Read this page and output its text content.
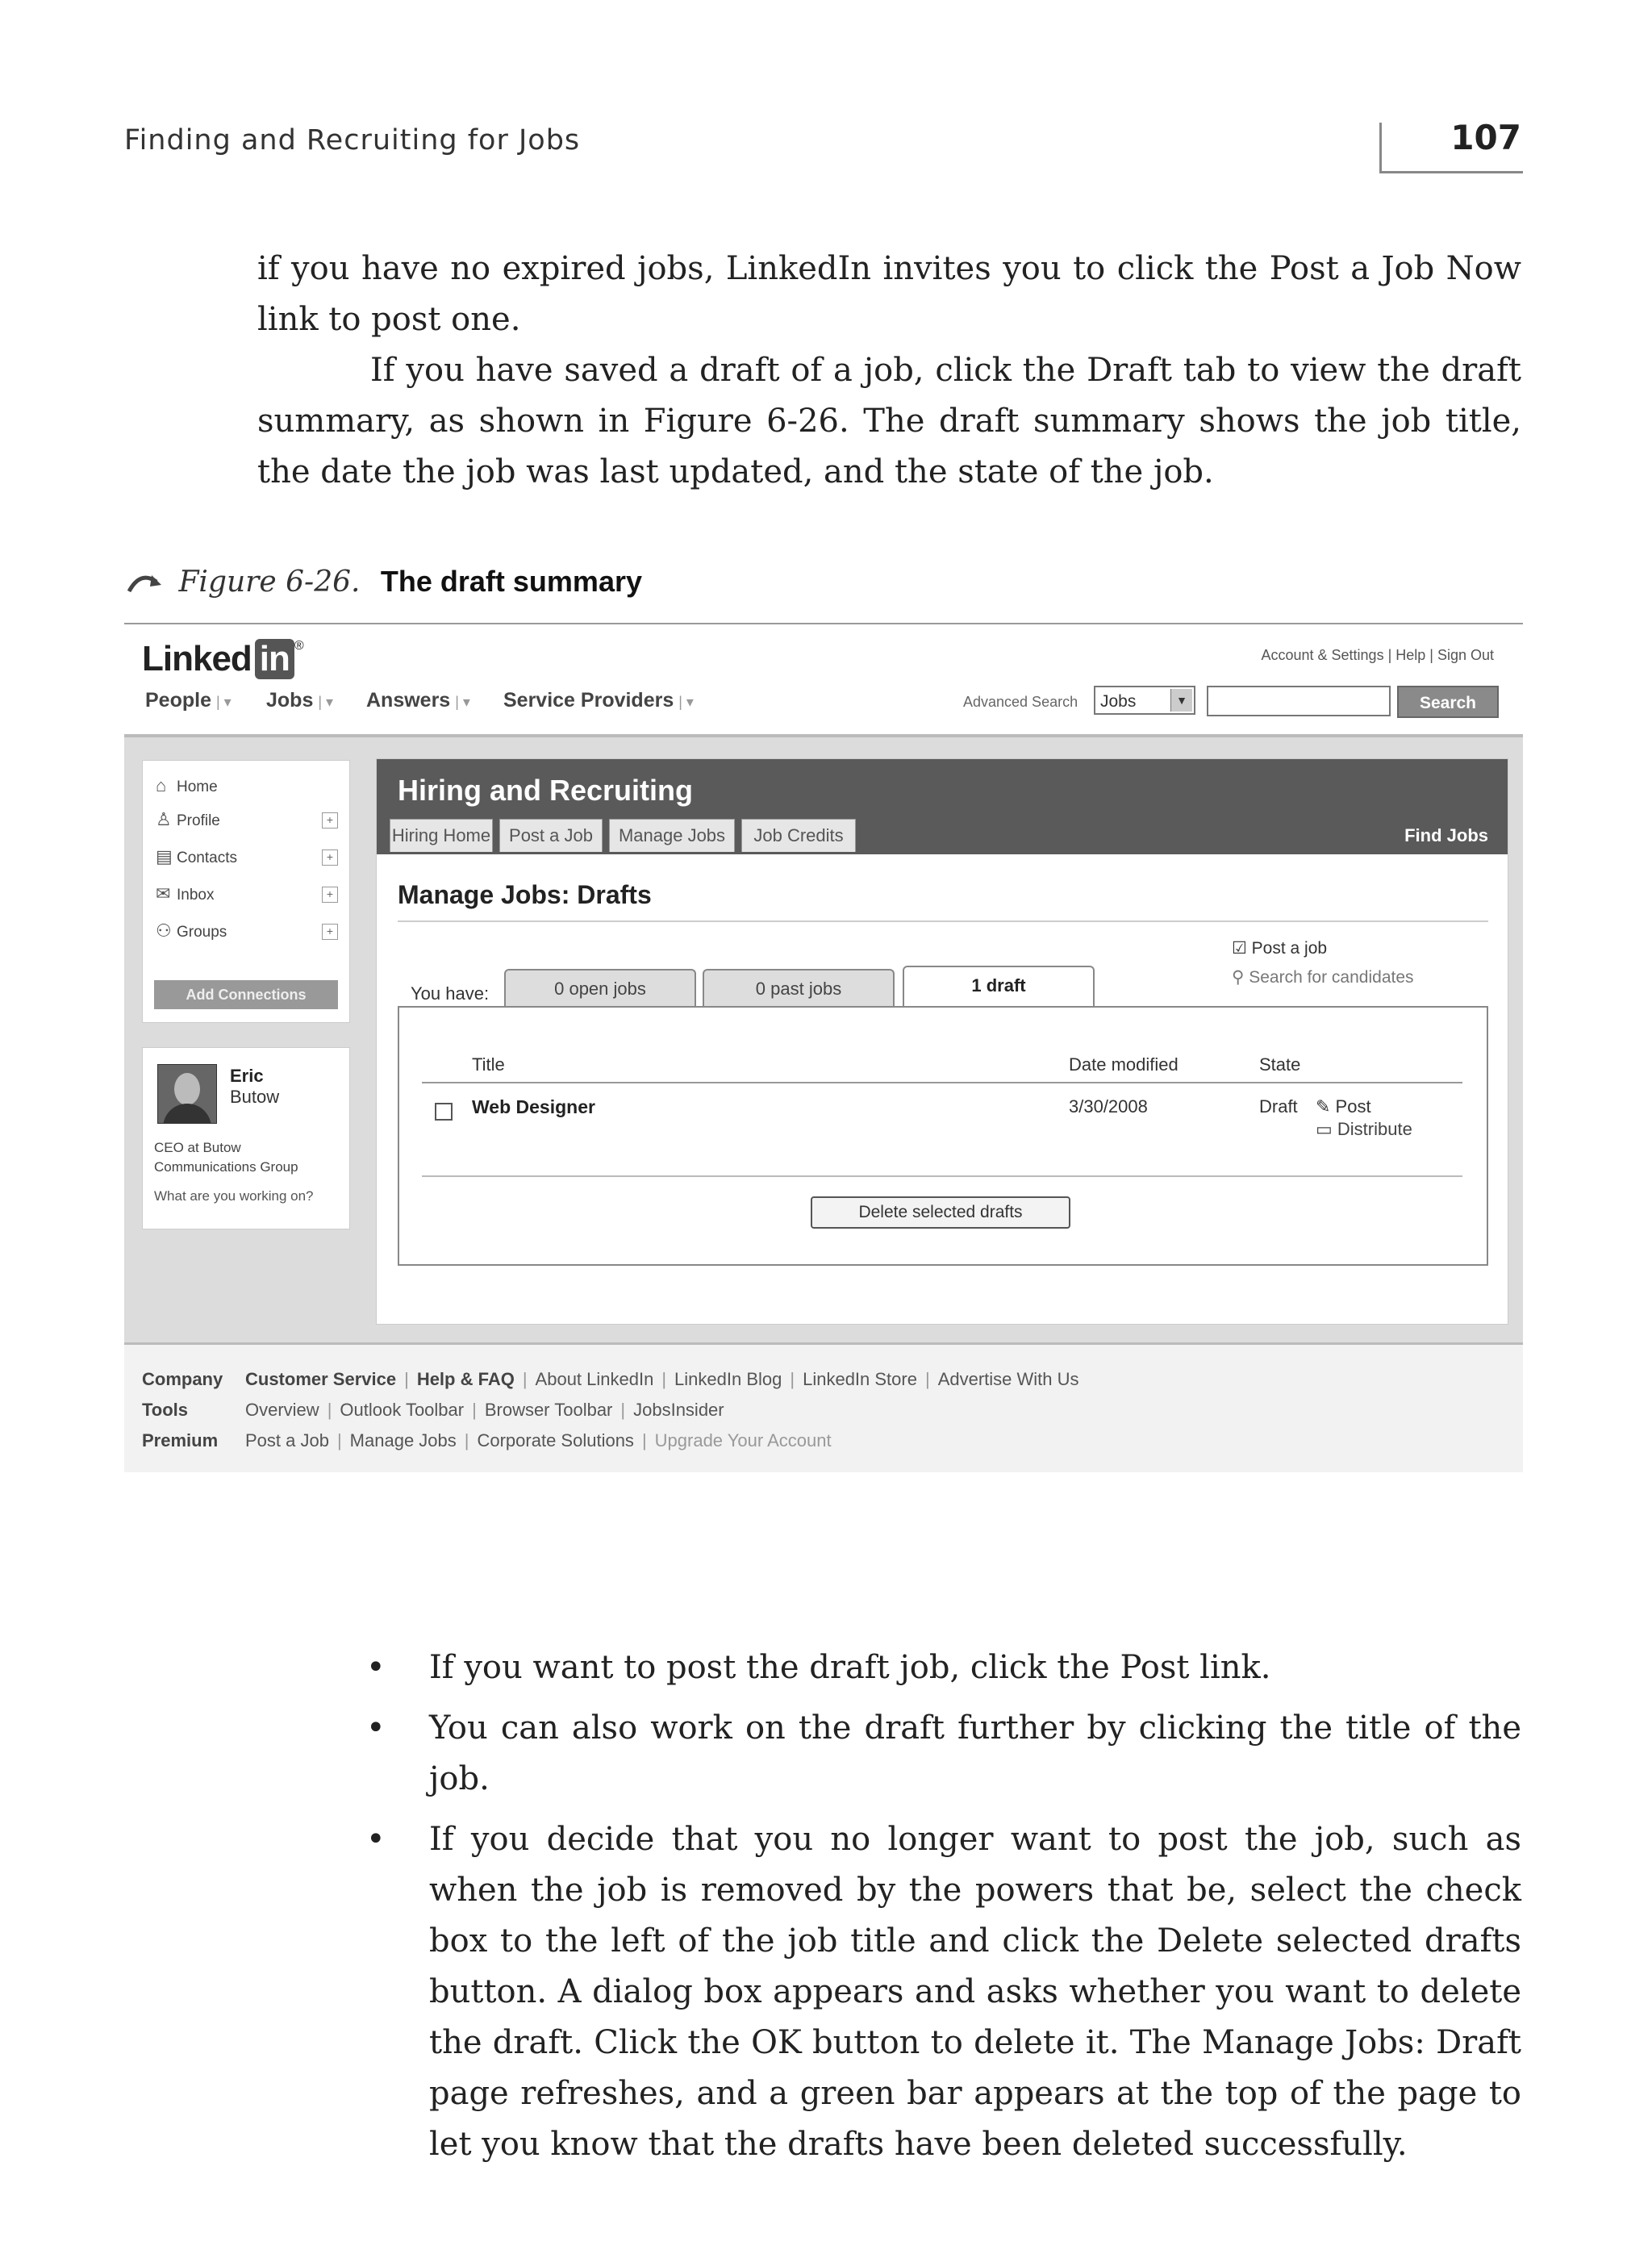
Finding and Recruiting for Jobs	107
if you have no expired jobs, LinkedIn invites you to click the Post a Job Now link to post one.
If you have saved a draft of a job, click the Draft tab to view the draft summary, as shown in Figure 6-26. The draft summary shows the job title, the date the job was last updated, and the state of the job.
Figure 6-26. The draft summary
Linked in ®
Account & Settings | Help | Sign Out
People | ▾ Jobs | ▾ Answers | ▾ Service Providers | ▾	Advanced Search	Jobs	▼	Search
⌂ Home
♙ Profile	+
▤ Contacts	+
✉ Inbox	+
⚇ Groups	+
Add Connections
Eric
Butow
CEO at Butow Communications Group
What are you working on?
Hiring and Recruiting
Hiring Home	Post a Job	Manage Jobs	Job Credits	Find Jobs
Manage Jobs: Drafts
☑ Post a job
⚲ Search for candidates
You have:	0 open jobs	0 past jobs	1 draft
Title	Date modified	State
Web Designer	3/30/2008	Draft ✎ Post
▭ Distribute
Delete selected drafts
Company Customer Service | Help & FAQ | About LinkedIn | LinkedIn Blog | LinkedIn Store | Advertise With Us
Tools	Overview | Outlook Toolbar | Browser Toolbar | JobsInsider
Premium Post a Job | Manage Jobs | Corporate Solutions | Upgrade Your Account
• If you want to post the draft job, click the Post link.
• You can also work on the draft further by clicking the title of the job.
• If you decide that you no longer want to post the job, such as when the job is removed by the powers that be, select the check box to the left of the job title and click the Delete selected drafts button. A dialog box appears and asks whether you want to delete the draft. Click the OK button to delete it. The Manage Jobs: Draft page refreshes, and a green bar appears at the top of the page to let you know that the drafts have been deleted successfully.
